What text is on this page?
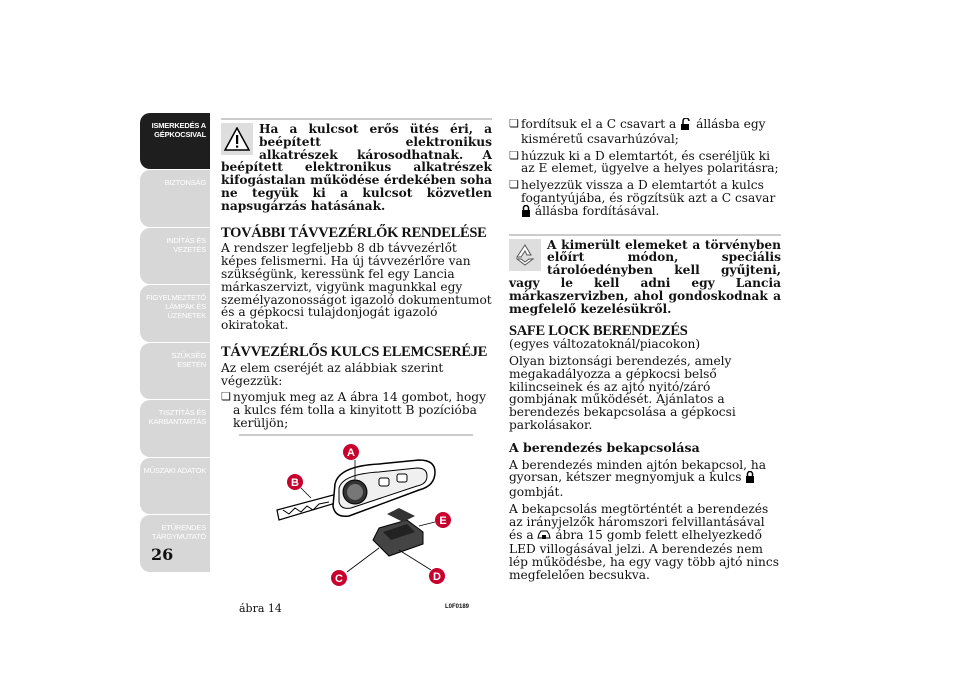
ISMERKEDÉS A
GÉPKOCSIVAL
BIZTONSÁG
INDÍTÁS ÉS
VEZETÉS
FIGYELMEZTETŐ
LÁMPÁK ÉS
ÜZENETEK
SZÜKSÉG ESETÉN
TISZTÍTÁS ÉS
KARBANTARTÁS
MŰSZAKI ADATOK
ETŰRENDES
TÁRGYMUTATÓ
26
Ha a kulcsot erős ütés éri, a beépített elektronikus alkatrészek károsodhatnak. A beépített elektronikus alkatrészek kifogástalan működése érdekében soha ne tegyük ki a kulcsot közvetlen napsugárzás hatásának.
TOVÁBBI TÁVVEZÉRLŐK RENDELÉSE

A rendszer legfeljebb 8 db távvezérlőt képes felismerni. Ha új távvezérlőre van szükségünk, keressünk fel egy Lancia márkaszervizt, vigyünk magunkkal egy személyazonosságot igazoló dokumentumot és a gépkocsi tulajdonjogát igazoló okiratokat.

TÁVVEZÉRLŐS KULCS ELEMCSERÉJE

Az elem cseréjét az alábbiak szerint végezzük:

❏ nyomjuk meg az A ábra 14 gombot, hogy a kulcs fém tolla a kinyitott B pozícióba kerüljön;
A
B
E
C	D
ábra 14	L0F0189
❏ fordítsuk el a C csavart a állásba egy kisméretű csavarhúzóval;
❏ húzzuk ki a D elemtartót, és cseréljük ki az E elemet, ügyelve a helyes polaritásra;
❏ helyezzük vissza a D elemtartót a kulcs fogantyújába, és rögzítsük azt a C csavar  állásba fordításával.
A kimerült elemeket a törvényben előírt módon, speciális tárolóedényben kell gyűjteni, vagy le kell adni egy Lancia márkaszervizben, ahol gondoskodnak a megfelelő kezelésükről.
SAFE LOCK BERENDEZÉS
(egyes változatoknál/piacokon)

Olyan biztonsági berendezés, amely megakadályozza a gépkocsi belső kilincseinek és az ajtó nyitó/záró gombjának működését. Ajánlatos a berendezés bekapcsolása a gépkocsi parkolásakor.

A berendezés bekapcsolása

A berendezés minden ajtón bekapcsol, ha gyorsan, kétszer megnyomjuk a kulcs  gombját.

A bekapcsolás megtörténtét a berendezés az irányjelzők háromszori felvillantásával és a ábra 15 gomb felett elhelyezkedő LED villogásával jelzi. A berendezés nem lép működésbe, ha egy vagy több ajtó nincs megfelelően becsukva.
